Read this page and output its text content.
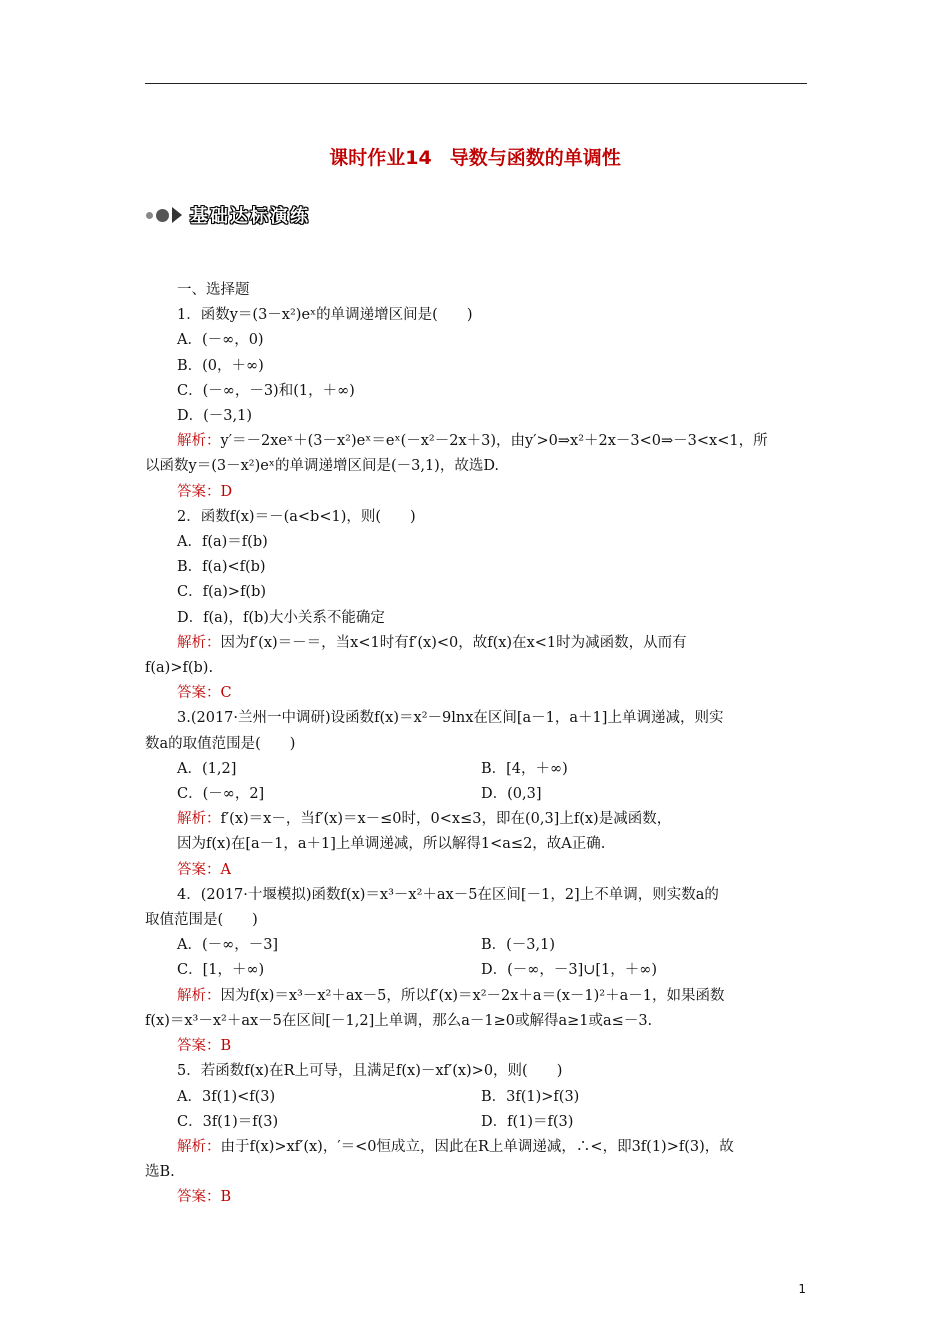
课时作业14 导数与函数的单调性
基础达标演练
一、选择题
1．函数y＝(3－x²)eˣ的单调递增区间是(　　)
A．(－∞，0)
B．(0，＋∞)
C．(－∞，－3)和(1，＋∞)
D．(－3,1)
解析：y′＝－2xeˣ＋(3－x²)eˣ＝eˣ(－x²－2x＋3)，由y′>0⇒x²＋2x－3<0⇒－3<x<1，所
以函数y＝(3－x²)eˣ的单调递增区间是(－3,1)，故选D.
答案：D
2．函数f(x)＝－(a<b<1)，则(　　)
A．f(a)＝f(b)
B．f(a)<f(b)
C．f(a)>f(b)
D．f(a)，f(b)大小关系不能确定
解析：因为f′(x)＝－＝，当x<1时有f′(x)<0，故f(x)在x<1时为减函数，从而有
f(a)>f(b).
答案：C
3.(2017·兰州一中调研)设函数f(x)＝x²－9lnx在区间[a－1，a＋1]上单调递减，则实
数a的取值范围是(　　)
A．(1,2]	B．[4，＋∞)
C．(－∞，2]	D．(0,3]
解析：f′(x)＝x－，当f′(x)＝x－≤0时，0<x≤3，即在(0,3]上f(x)是减函数，
因为f(x)在[a－1，a＋1]上单调递减，所以解得1<a≤2，故A正确.
答案：A
4．(2017·十堰模拟)函数f(x)＝x³－x²＋ax－5在区间[－1，2]上不单调，则实数a的
取值范围是(　　)
A．(－∞，－3]	B．(－3,1)
C．[1，＋∞)	D．(－∞，－3]∪[1，＋∞)
解析：因为f(x)＝x³－x²＋ax－5，所以f′(x)＝x²－2x＋a＝(x－1)²＋a－1，如果函数
f(x)＝x³－x²＋ax－5在区间[－1,2]上单调，那么a－1≥0或解得a≥1或a≤－3.
答案：B
5．若函数f(x)在R上可导，且满足f(x)－xf′(x)>0，则(　　)
A．3f(1)<f(3)	B．3f(1)>f(3)
C．3f(1)＝f(3)	D．f(1)＝f(3)
解析：由于f(x)>xf′(x)，′＝<0恒成立，因此在R上单调递减，∴<，即3f(1)>f(3)，故
选B.
答案：B
1
